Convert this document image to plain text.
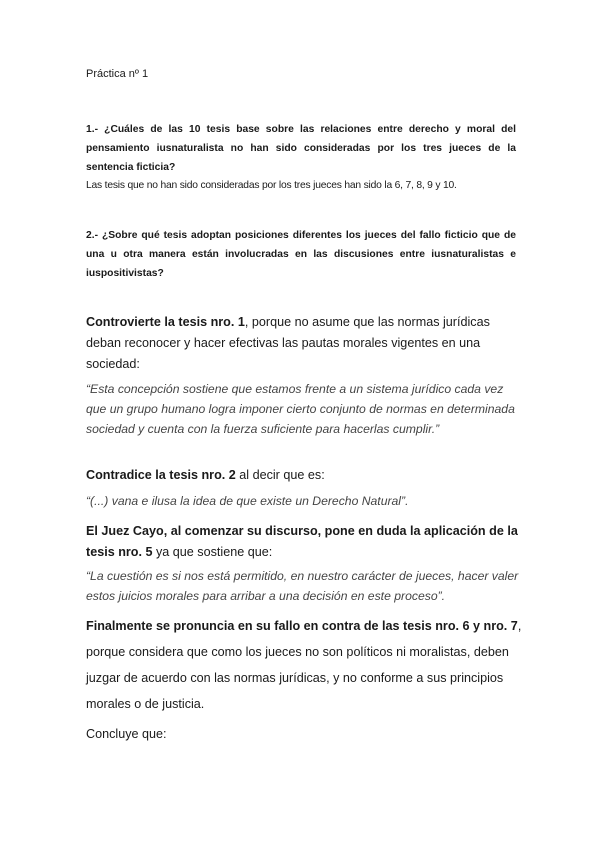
Práctica nº 1

1.- ¿Cuáles de las 10 tesis base sobre las relaciones entre derecho y moral del pensamiento iusnaturalista no han sido consideradas por los tres jueces de la sentencia ficticia?

Las tesis que no han sido consideradas por los tres jueces han sido la 6, 7, 8, 9 y 10.

2.- ¿Sobre qué tesis adoptan posiciones diferentes los jueces del fallo ficticio que de una u otra manera están involucradas en las discusiones entre iusnaturalistas e iuspositivistas?

Controvierte la tesis nro. 1, porque no asume que las normas jurídicas deban reconocer y hacer efectivas las pautas morales vigentes en una sociedad:

“Esta concepción sostiene que estamos frente a un sistema jurídico cada vez que un grupo humano logra imponer cierto conjunto de normas en determinada sociedad y cuenta con la fuerza suficiente para hacerlas cumplir.”

Contradice la tesis nro. 2 al decir que es:

“(...) vana e ilusa la idea de que existe un Derecho Natural”.

El Juez Cayo, al comenzar su discurso, pone en duda la aplicación de la tesis nro. 5 ya que sostiene que:

“La cuestión es si nos está permitido, en nuestro carácter de jueces, hacer valer estos juicios morales para arribar a una decisión en este proceso”.

Finalmente se pronuncia en su fallo en contra de las tesis nro. 6 y nro. 7, porque considera que como los jueces no son políticos ni moralistas, deben juzgar de acuerdo con las normas jurídicas, y no conforme a sus principios morales o de justicia.

Concluye que:
